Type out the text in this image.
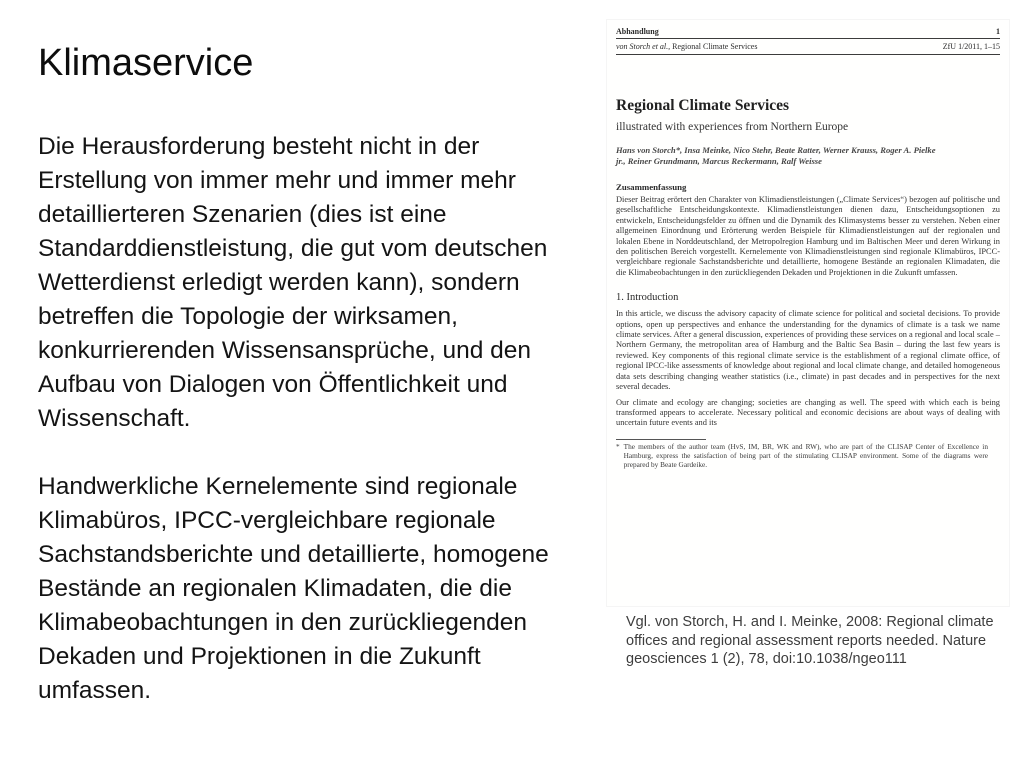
Klimaservice
Die Herausforderung besteht nicht in der
Erstellung von immer mehr und immer mehr
detaillierteren Szenarien (dies ist eine
Standarddienstleistung, die gut vom deutschen
Wetterdienst erledigt werden kann), sondern
betreffen die Topologie der wirksamen,
konkurrierenden Wissensansprüche, und den
Aufbau von Dialogen von Öffentlichkeit und
Wissenschaft.
Handwerkliche Kernelemente sind regionale
Klimabüros, IPCC-vergleichbare regionale
Sachstandsberichte und detaillierte, homogene
Bestände an regionalen Klimadaten, die die
Klimabeobachtungen in den zurückliegenden
Dekaden und Projektionen in die Zukunft
umfassen.
Abhandlung	1
von Storch et al., Regional Climate Services	ZfU 1/2011, 1–15
Regional Climate Services
illustrated with experiences from Northern Europe
Hans von Storch*, Insa Meinke, Nico Stehr, Beate Ratter, Werner Krauss, Roger A. Pielke jr., Reiner Grundmann, Marcus Reckermann, Ralf Weisse
Zusammenfassung

Dieser Beitrag erörtert den Charakter von Klimadienstleistungen („Climate Services“) bezogen auf politische und gesellschaftliche Entscheidungskontexte. Klimadienstleistungen dienen dazu, Entscheidungsoptionen zu entwickeln, Entscheidungsfelder zu öffnen und die Dynamik des Klimasystems besser zu verstehen. Neben einer allgemeinen Einordnung und Erörterung werden Beispiele für Klimadienstleistungen auf der regionalen und lokalen Ebene in Norddeutschland, der Metropolregion Hamburg und im Baltischen Meer und deren Wirkung in den politischen Bereich vorgestellt. Kernelemente von Klimadienstleistungen sind regionale Klimabüros, IPCC-vergleichbare regionale Sachstandsberichte und detaillierte, homogene Bestände an regionalen Klimadaten, die die Klimabeobachtungen in den zurückliegenden Dekaden und Projektionen in die Zukunft umfassen.

1. Introduction

In this article, we discuss the advisory capacity of climate science for political and societal decisions. To provide options, open up perspectives and enhance the understanding for the dynamics of climate is a task we name climate services. After a general discussion, experiences of providing these services on a regional and local scale – Northern Germany, the metropolitan area of Hamburg and the Baltic Sea Basin – during the last few years is reviewed. Key components of this regional climate service is the establishment of a regional climate office, of regional IPCC-like assessments of knowledge about regional and local climate change, and detailed homogeneous data sets describing changing weather statistics (i.e., climate) in past decades and in perspectives for the next several decades.

Our climate and ecology are changing; societies are changing as well. The speed with which each is being transformed appears to accelerate. Necessary political and economic decisions are about ways of dealing with uncertain future events and its

* The members of the author team (HvS, IM, BR, WK and RW), who are part of the CLISAP Center of Excellence in Hamburg, express the satisfaction of being part of the stimulating CLISAP environment. Some of the diagrams were prepared by Beate Gardeike.
Vgl. von Storch, H. and I. Meinke, 2008: Regional climate offices and regional assessment reports needed. Nature geosciences 1 (2), 78, doi:10.1038/ngeo111
